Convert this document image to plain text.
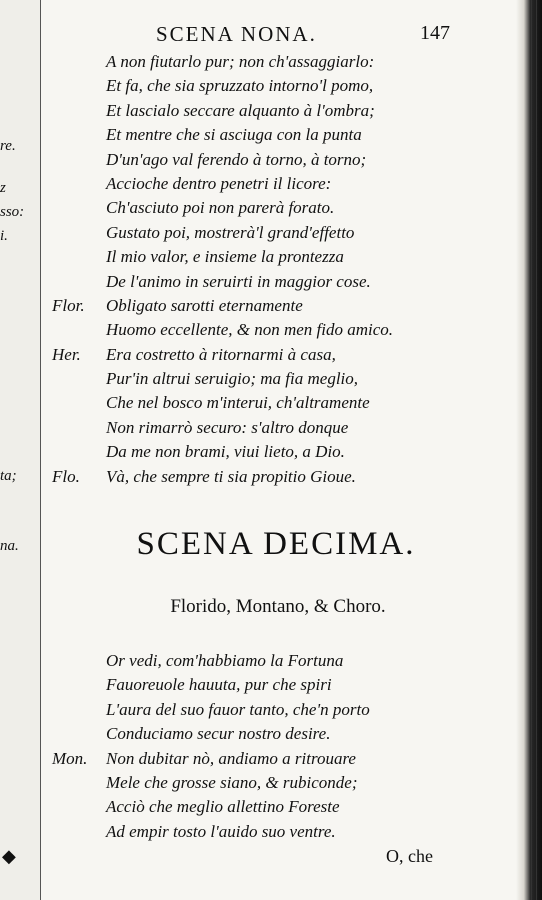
re.
z
sso:
i.
ta;
na.
SCENA NONA.	147
A non fiutarlo pur; non ch'assaggiarlo:
Et fa, che sia spruzzato intorno'l pomo,
Et lascialo seccare alquanto à l'ombra;
Et mentre che si asciuga con la punta
D'un'ago val ferendo à torno, à torno;
Accioche dentro penetri il licore:
Ch'asciuto poi non parerà forato.
Gustato poi, mostrerà'l grand'effetto
Il mio valor, e insieme la prontezza
De l'animo in seruirti in maggior cose.
Flor. Obligato sarotti eternamente
Huomo eccellente, & non men fido amico.
Her. Era costretto à ritornarmi à casa,
Pur'in altrui seruigio; ma fia meglio,
Che nel bosco m'interui, ch'altramente
Non rimarrò securo: s'altro donque
Da me non brami, viui lieto, a Dio.
Flo. Và, che sempre ti sia propitio Gioue.
SCENA DECIMA.
Florido, Montano, & Choro.
Or vedi, com'habbiamo la Fortuna
Fauoreuole hauuta, pur che spiri
L'aura del suo fauor tanto, che'n porto
Conduciamo secur nostro desire.
Mon. Non dubitar nò, andiamo a ritrouare
Mele che grosse siano, & rubiconde;
Acciò che meglio allettino Foreste
Ad empir tosto l'auido suo ventre.
◆	O, che
